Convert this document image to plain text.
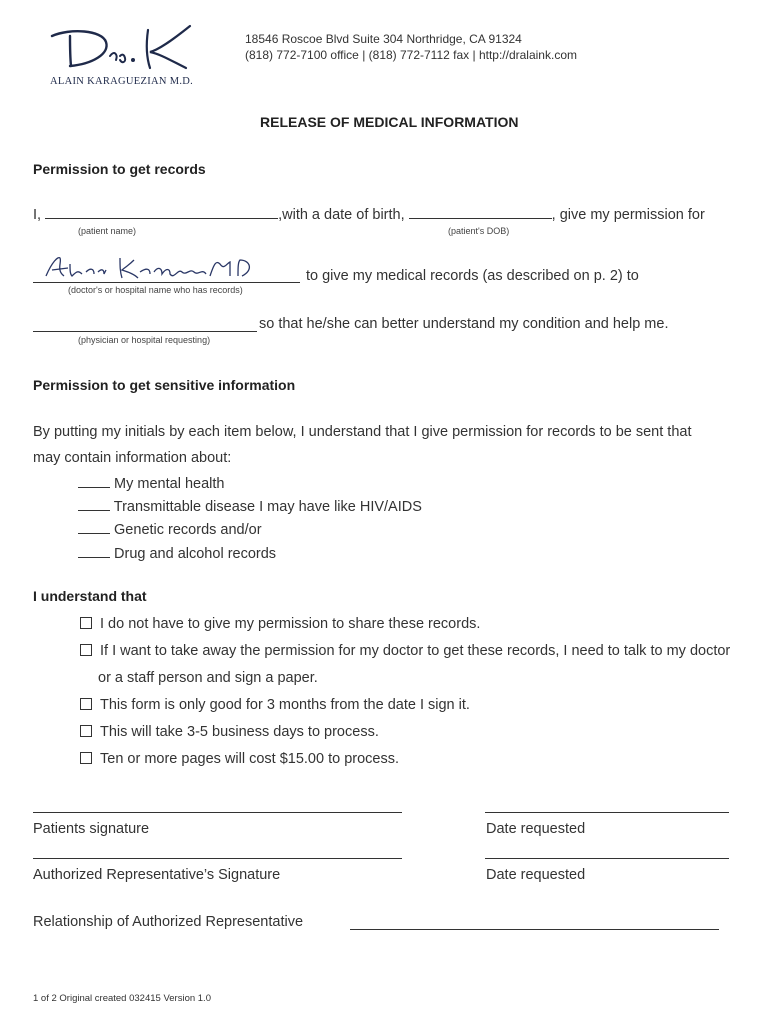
ALAIN KARAGUEZIAN M.D.
18546 Roscoe Blvd Suite 304 Northridge, CA 91324
(818) 772-7100 office | (818) 772-7112 fax | http://dralaink.com
RELEASE OF MEDICAL INFORMATION
Permission to get records
I,	,with a date of birth,	, give my permission for
(patient name)	(patient's DOB)
to give my medical records (as described on p. 2) to
(doctor's or hospital name who has records)
so that he/she can better understand my condition and help me.
(physician or hospital requesting)
Permission to get sensitive information
By putting my initials by each item below, I understand that I give permission for records to be sent that
may contain information about:
My mental health
Transmittable disease I may have like HIV/AIDS
Genetic records and/or
Drug and alcohol records
I understand that
I do not have to give my permission to share these records.
If I want to take away the permission for my doctor to get these records, I need to talk to my doctor
or a staff person and sign a paper.
This form is only good for 3 months from the date I sign it.
This will take 3-5 business days to process.
Ten or more pages will cost $15.00 to process.
Patients signature	Date requested
Authorized Representative’s Signature	Date requested
Relationship of Authorized Representative
1 of 2 Original created 032415 Version 1.0
